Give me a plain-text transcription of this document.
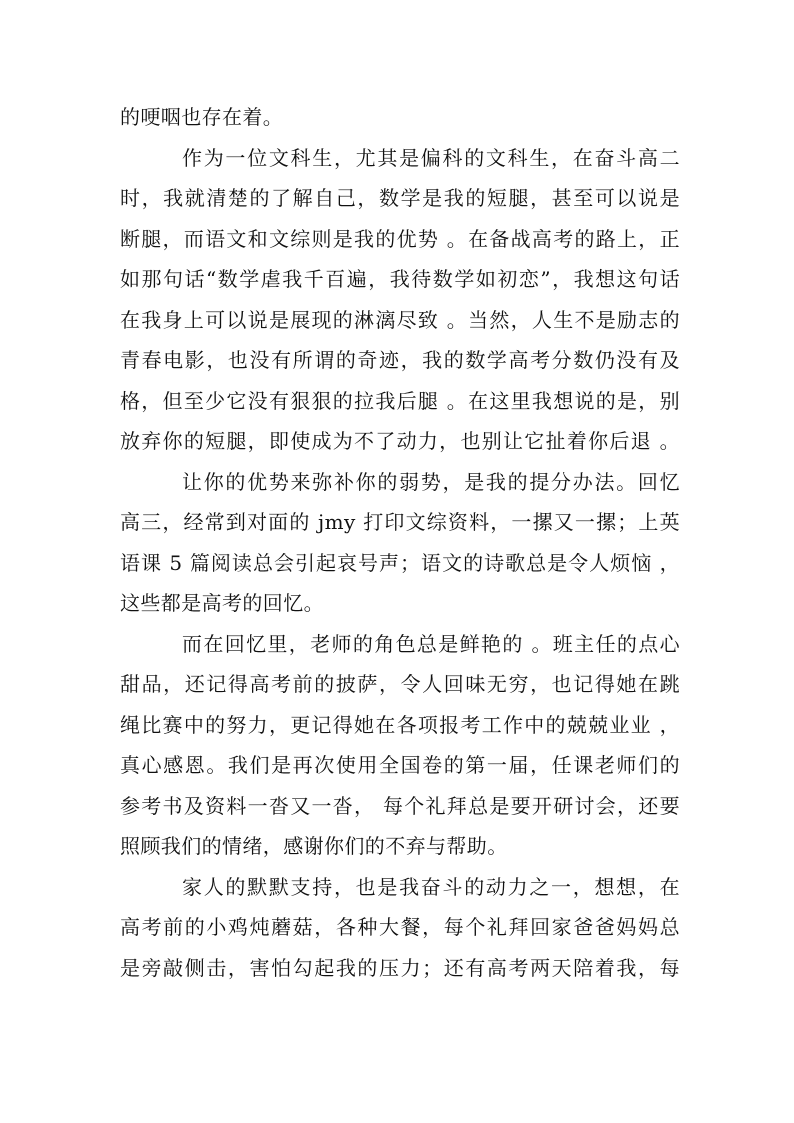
的哽咽也存在着。
作为一位文科生，尤其是偏科的文科生，在奋斗高二
时，我就清楚的了解自己，数学是我的短腿，甚至可以说是
断腿，而语文和文综则是我的优势 。在备战高考的路上，正
如那句话“数学虐我千百遍，我待数学如初恋”，我想这句话
在我身上可以说是展现的淋漓尽致 。当然，人生不是励志的
青春电影，也没有所谓的奇迹，我的数学高考分数仍没有及
格，但至少它没有狠狠的拉我后腿 。在这里我想说的是，别
放弃你的短腿，即使成为不了动力，也别让它扯着你后退 。
让你的优势来弥补你的弱势，是我的提分办法。回忆
高三，经常到对面的 jmy 打印文综资料，一摞又一摞；上英
语课 5 篇阅读总会引起哀号声；语文的诗歌总是令人烦恼 ，
这些都是高考的回忆。
而在回忆里，老师的角色总是鲜艳的 。班主任的点心
甜品，还记得高考前的披萨，令人回味无穷，也记得她在跳
绳比赛中的努力，更记得她在各项报考工作中的兢兢业业 ，
真心感恩。我们是再次使用全国卷的第一届，任课老师们的
参考书及资料一沓又一沓， 每个礼拜总是要开研讨会，还要
照顾我们的情绪，感谢你们的不弃与帮助。
家人的默默支持，也是我奋斗的动力之一，想想，在
高考前的小鸡炖蘑菇，各种大餐，每个礼拜回家爸爸妈妈总
是旁敲侧击，害怕勾起我的压力；还有高考两天陪着我，每
